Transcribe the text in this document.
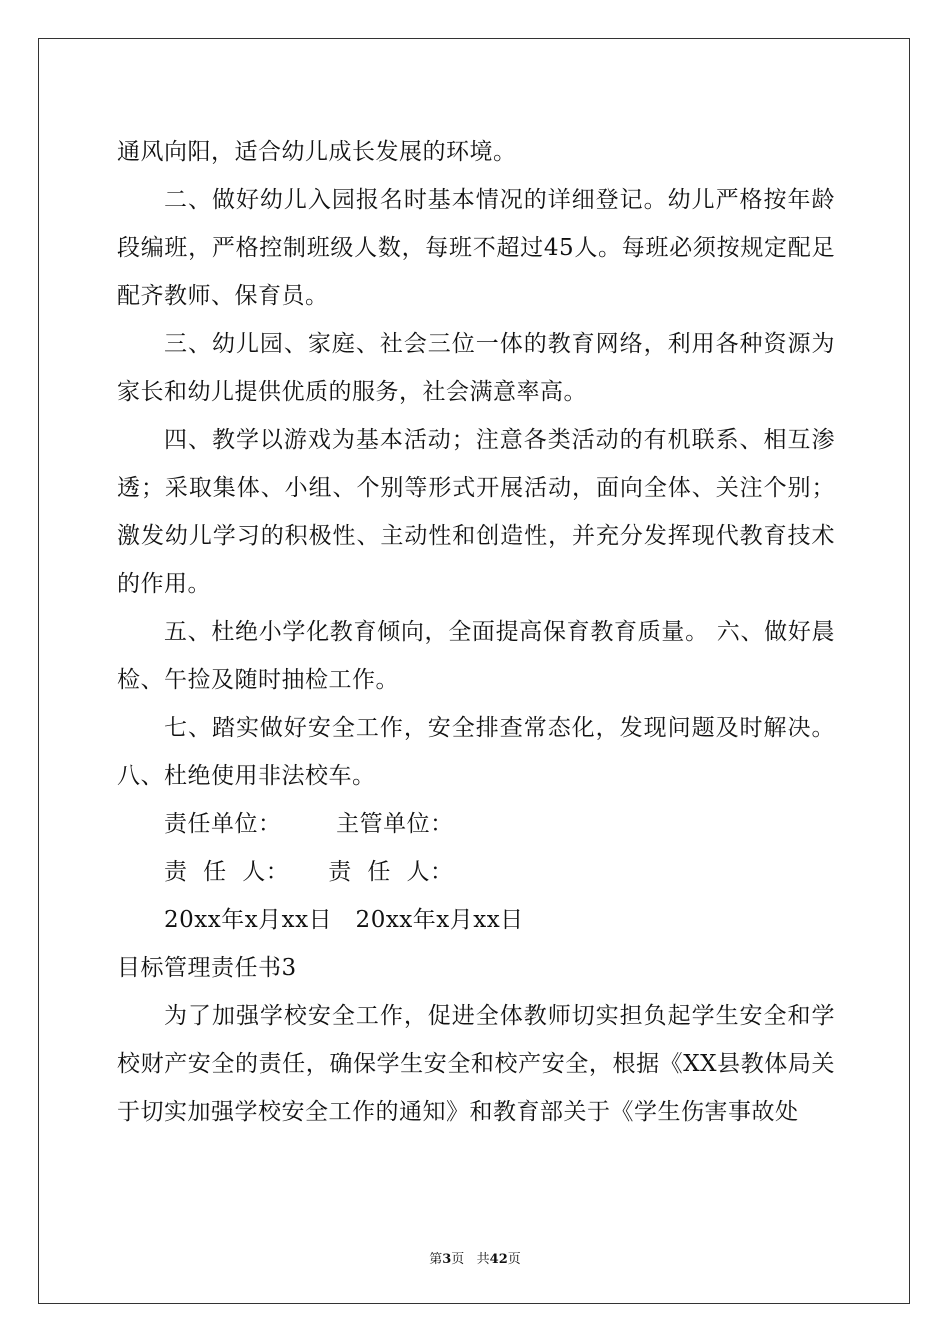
通风向阳，适合幼儿成长发展的环境。

二、做好幼儿入园报名时基本情况的详细登记。幼儿严格按年龄段编班，严格控制班级人数，每班不超过45人。每班必须按规定配足配齐教师、保育员。

三、幼儿园、家庭、社会三位一体的教育网络，利用各种资源为家长和幼儿提供优质的服务，社会满意率高。

四、教学以游戏为基本活动；注意各类活动的有机联系、相互渗透；采取集体、小组、个别等形式开展活动，面向全体、关注个别；激发幼儿学习的积极性、主动性和创造性，并充分发挥现代教育技术的作用。

五、杜绝小学化教育倾向，全面提高保育教育质量。 六、做好晨检、午捡及随时抽检工作。

七、踏实做好安全工作，安全排查常态化，发现问题及时解决。八、杜绝使用非法校车。

责任单位：       主管单位：

责  任  人：     责  任  人：

20xx年x月xx日   20xx年x月xx日

目标管理责任书3

为了加强学校安全工作，促进全体教师切实担负起学生安全和学校财产安全的责任，确保学生安全和校产安全，根据《XX县教体局关于切实加强学校安全工作的通知》和教育部关于《学生伤害事故处

第3页   共42页
